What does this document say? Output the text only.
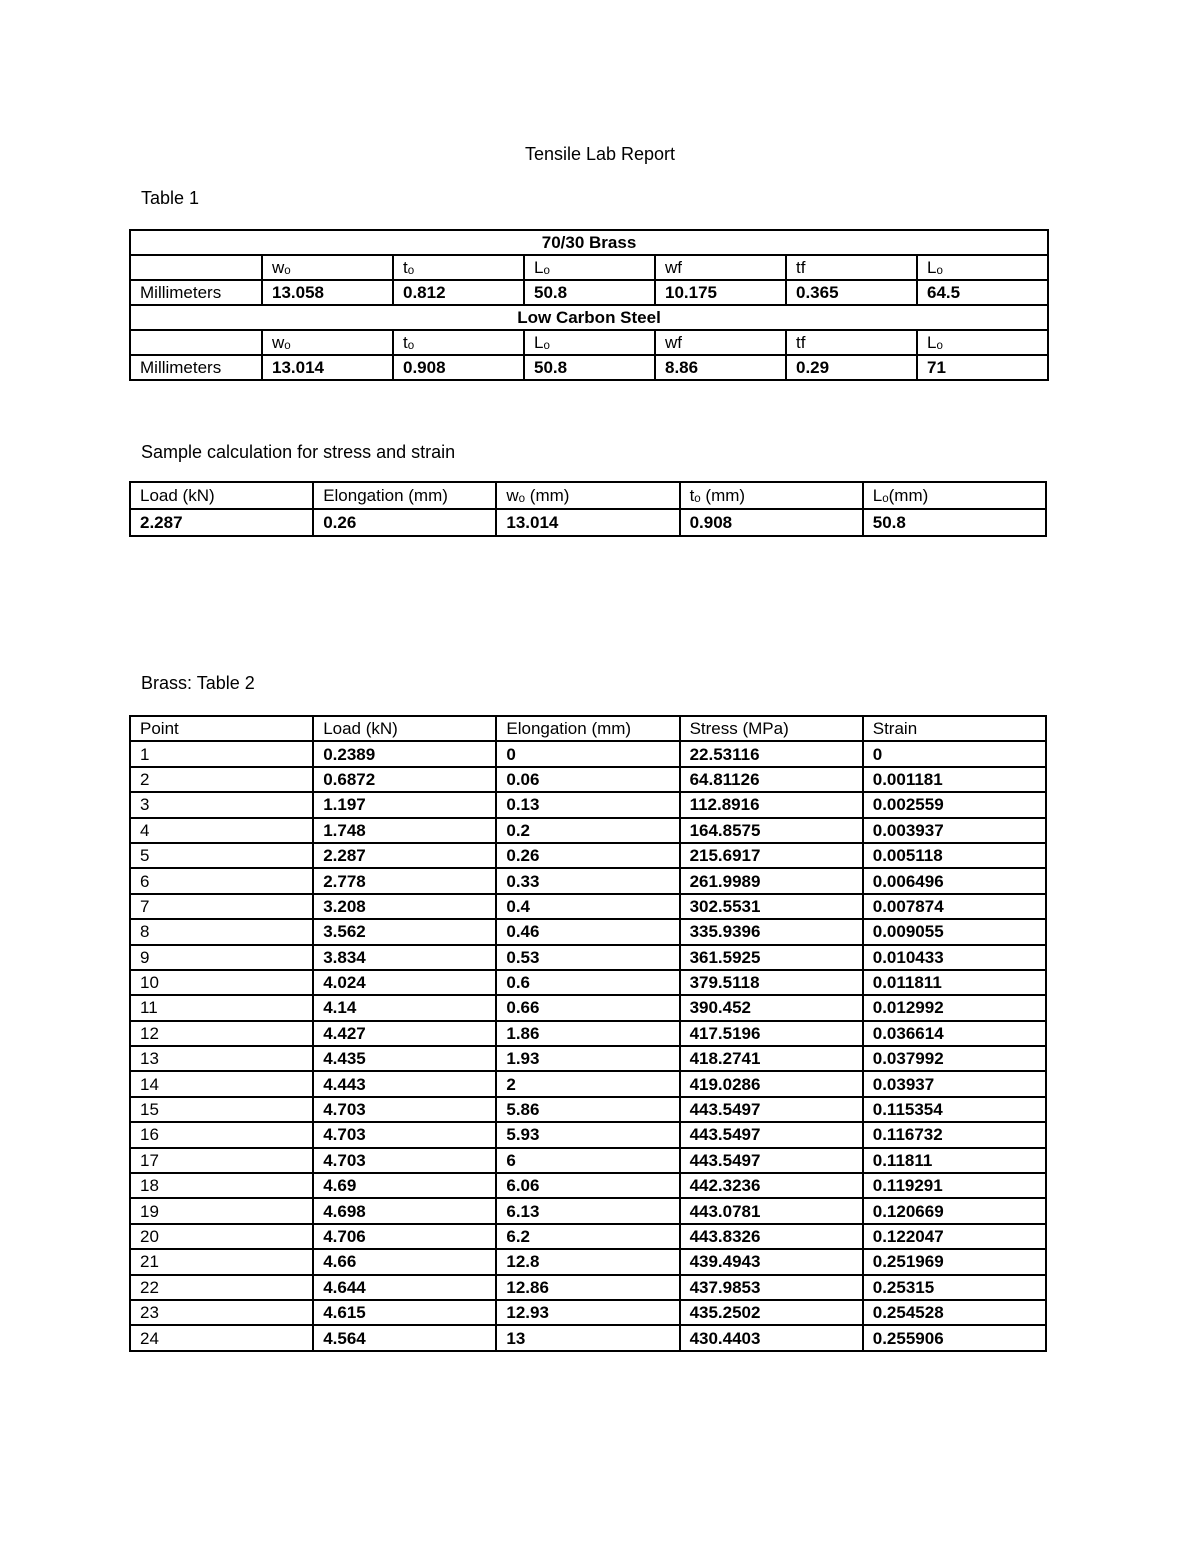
Tensile Lab Report
Table 1
70/30 Brass						
	wₒ	tₒ	Lₒ	wf	tf	Lₒ
Millimeters	13.058	0.812	50.8	10.175	0.365	64.5
Low Carbon Steel						
	wₒ	tₒ	Lₒ	wf	tf	Lₒ
Millimeters	13.014	0.908	50.8	8.86	0.29	71
Sample calculation for stress and strain
Load (kN)	Elongation (mm)	wₒ (mm)	tₒ (mm)	Lₒ(mm)
2.287	0.26	13.014	0.908	50.8
Brass: Table 2
Point	Load (kN)	Elongation (mm)	Stress (MPa)	Strain
1	0.2389	0	22.53116	0
2	0.6872	0.06	64.81126	0.001181
3	1.197	0.13	112.8916	0.002559
4	1.748	0.2	164.8575	0.003937
5	2.287	0.26	215.6917	0.005118
6	2.778	0.33	261.9989	0.006496
7	3.208	0.4	302.5531	0.007874
8	3.562	0.46	335.9396	0.009055
9	3.834	0.53	361.5925	0.010433
10	4.024	0.6	379.5118	0.011811
11	4.14	0.66	390.452	0.012992
12	4.427	1.86	417.5196	0.036614
13	4.435	1.93	418.2741	0.037992
14	4.443	2	419.0286	0.03937
15	4.703	5.86	443.5497	0.115354
16	4.703	5.93	443.5497	0.116732
17	4.703	6	443.5497	0.11811
18	4.69	6.06	442.3236	0.119291
19	4.698	6.13	443.0781	0.120669
20	4.706	6.2	443.8326	0.122047
21	4.66	12.8	439.4943	0.251969
22	4.644	12.86	437.9853	0.25315
23	4.615	12.93	435.2502	0.254528
24	4.564	13	430.4403	0.255906
